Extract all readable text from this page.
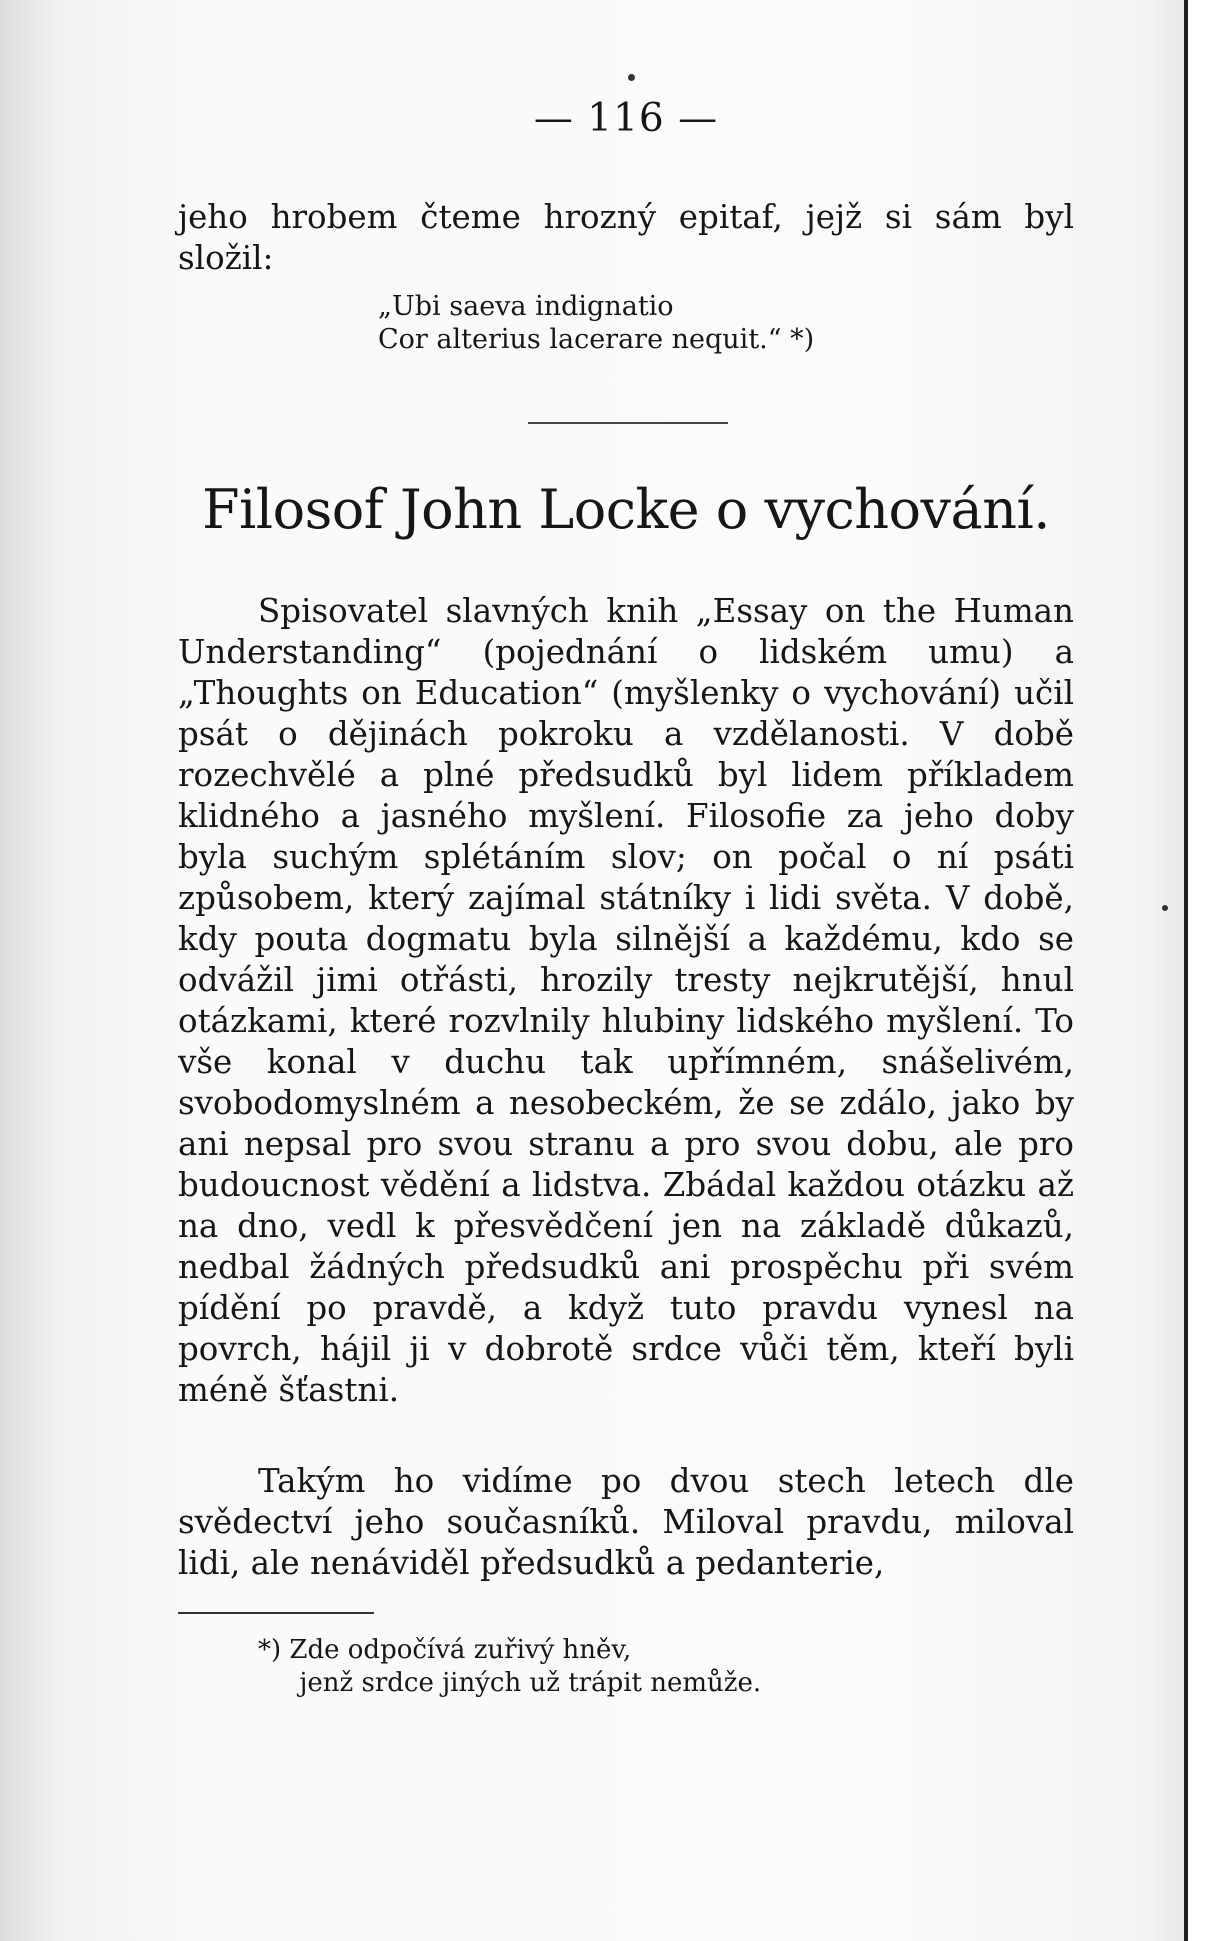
— 116 —

jeho hrobem čteme hrozný epitaf, jejž si sám byl složil:

„Ubi saeva indignatio
Cor alterius lacerare nequit.“ *)
Filosof John Locke o vychování.

Spisovatel slavných knih „Essay on the Human Understanding“ (pojednání o lidském umu) a „Thoughts on Education“ (myšlenky o vychování) učil psát o dějinách pokroku a vzdělanosti. V době rozechvělé a plné předsudků byl lidem příkladem klidného a jasného myšlení. Filosofie za jeho doby byla suchým splétáním slov; on počal o ní psáti způsobem, který zajímal státníky i lidi světa. V době, kdy pouta dogmatu byla silnější a každému, kdo se odvážil jimi otřásti, hrozily tresty nejkrutější, hnul otázkami, které rozvlnily hlubiny lidského myšlení. To vše konal v duchu tak upřímném, snášelivém, svobodomyslném a nesobeckém, že se zdálo, jako by ani nepsal pro svou stranu a pro svou dobu, ale pro budoucnost vědění a lidstva. Zbádal každou otázku až na dno, vedl k přesvědčení jen na základě důkazů, nedbal žádných předsudků ani prospěchu při svém pídění po pravdě, a když tuto pravdu vynesl na povrch, hájil ji v dobrotě srdce vůči těm, kteří byli méně šťastni.

Takým ho vidíme po dvou stech letech dle svědectví jeho současníků. Miloval pravdu, miloval lidi, ale nenáviděl předsudků a pedanterie,

*) Zde odpočívá zuřivý hněv,
jenž srdce jiných už trápit nemůže.
